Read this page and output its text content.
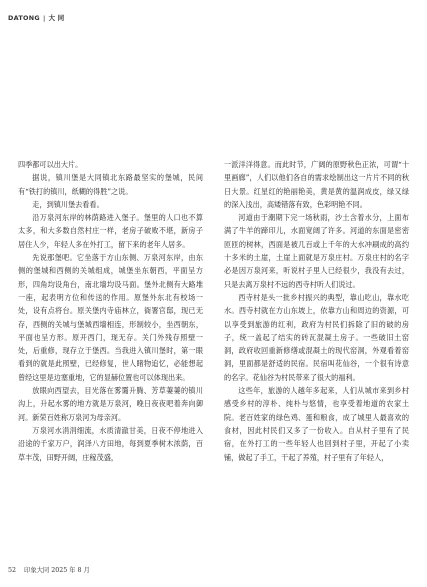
DATONG | 大 同

四季都可以出大片。

据说，镇川堡是大同镇北东路最坚实的堡城，民间有“铁打的镇川，纸糊的得胜”之说。

走，到镇川堡去看看。

沿万泉河东岸的林荫路进入堡子。堡里的人口也不算太多，和大多数自然村庄一样，老房子破败不堪，新房子居住人少，年轻人多在外打工，留下来的老年人居多。

先说那堡吧。它坐落于方山东侧、万泉河东岸，由东侧的堡城和西侧的关城组成，城堡坐东朝西，平面呈方形，四角均设角台，南北墙均设马面。堡外北侧有大路堆一座，起表明方位和传送的作用。原堡外东北有校场一处，设有点将台。原关堡内寺庙林立，衙署官邸，现已无存，西侧的关城与堡城西墙相连，形制较小，坐西朝东，平面也呈方形。原开西门，现无存。关门外残存照壁一处，后重修，现存立于堡西。当我进入镇川堡时，第一眼看到的就是此照壁，已经修复，世人睹物追忆，必能想起曾经这里是边塞重地，它的显赫位置也可以体现出来。

放眼向西望去，目光落在雾霭升腾、芳草萋萋的镇川沟上，升起水雾的地方就是万泉河，晚日夜夜吧着奔向御河。新荣百姓称万泉河为母亲河。

万泉河水涓涓细流，水质清澈甘美，日夜不停地进入沿途的千家万户，润泽八方田地，每到夏季树木浓荫，百草丰茂，田野开阔，庄稼茂盛，

一派洋洋得意。而此时节，广阔的原野秋色正浓，可谓“十里画廊”，人们以他们各自的需求绘制出这一片片不同的秋日大景。红星红的艳丽艳美，黄是黄的温润成皮，绿又绿的深入浅出，高矮错落有致，色彩明艳不同。

河道由于潮期下完一场秋雨，沙土含着水分，上面布满了牛羊的蹄印儿，水面宽阔了许多。河道的东面是密密匝匝的树林，西面是被几百或上千年的大水冲刷成的高约十多米的土崖，土崖上面就是万泉庄村。万泉庄村的名字必是因万泉河来，听说村子里人已经很少，我没有去过，只是去离万泉村不远的西寺村听人们说过。

西寺村是头一批乡村振兴的典型，靠山吃山，靠水吃水。西寺村就在方山东坡上，依靠方山和周边的资源，可以享受到旅游的红利，政府为村民们拆除了旧的破的房子，统一盖起了结实的砖瓦混凝土房子。一些破旧土窑洞，政府收回重新修缮或混凝土的现代窑洞，外观看着窑洞，里面都是舒适的民宿。民宿叫花仙谷，一个很有诗意的名字。花仙谷为村民带来了很大的福利。

这些年，旅游的人越年多起来，人们从城市来到乡村感受乡村的淳朴、纯朴与悠情，也享受着地道的农家土院。老百姓家的绿色鸡、蛋和粮食，成了城里人最喜欢的食材，因此村民们又多了一份收入。自从村子里有了民宿，在外打工的一些年轻人也回到村子里，开起了小卖铺，做起了手工，干起了养殖，村子里有了年轻人，

52 印象大同 2025 年 8 月
